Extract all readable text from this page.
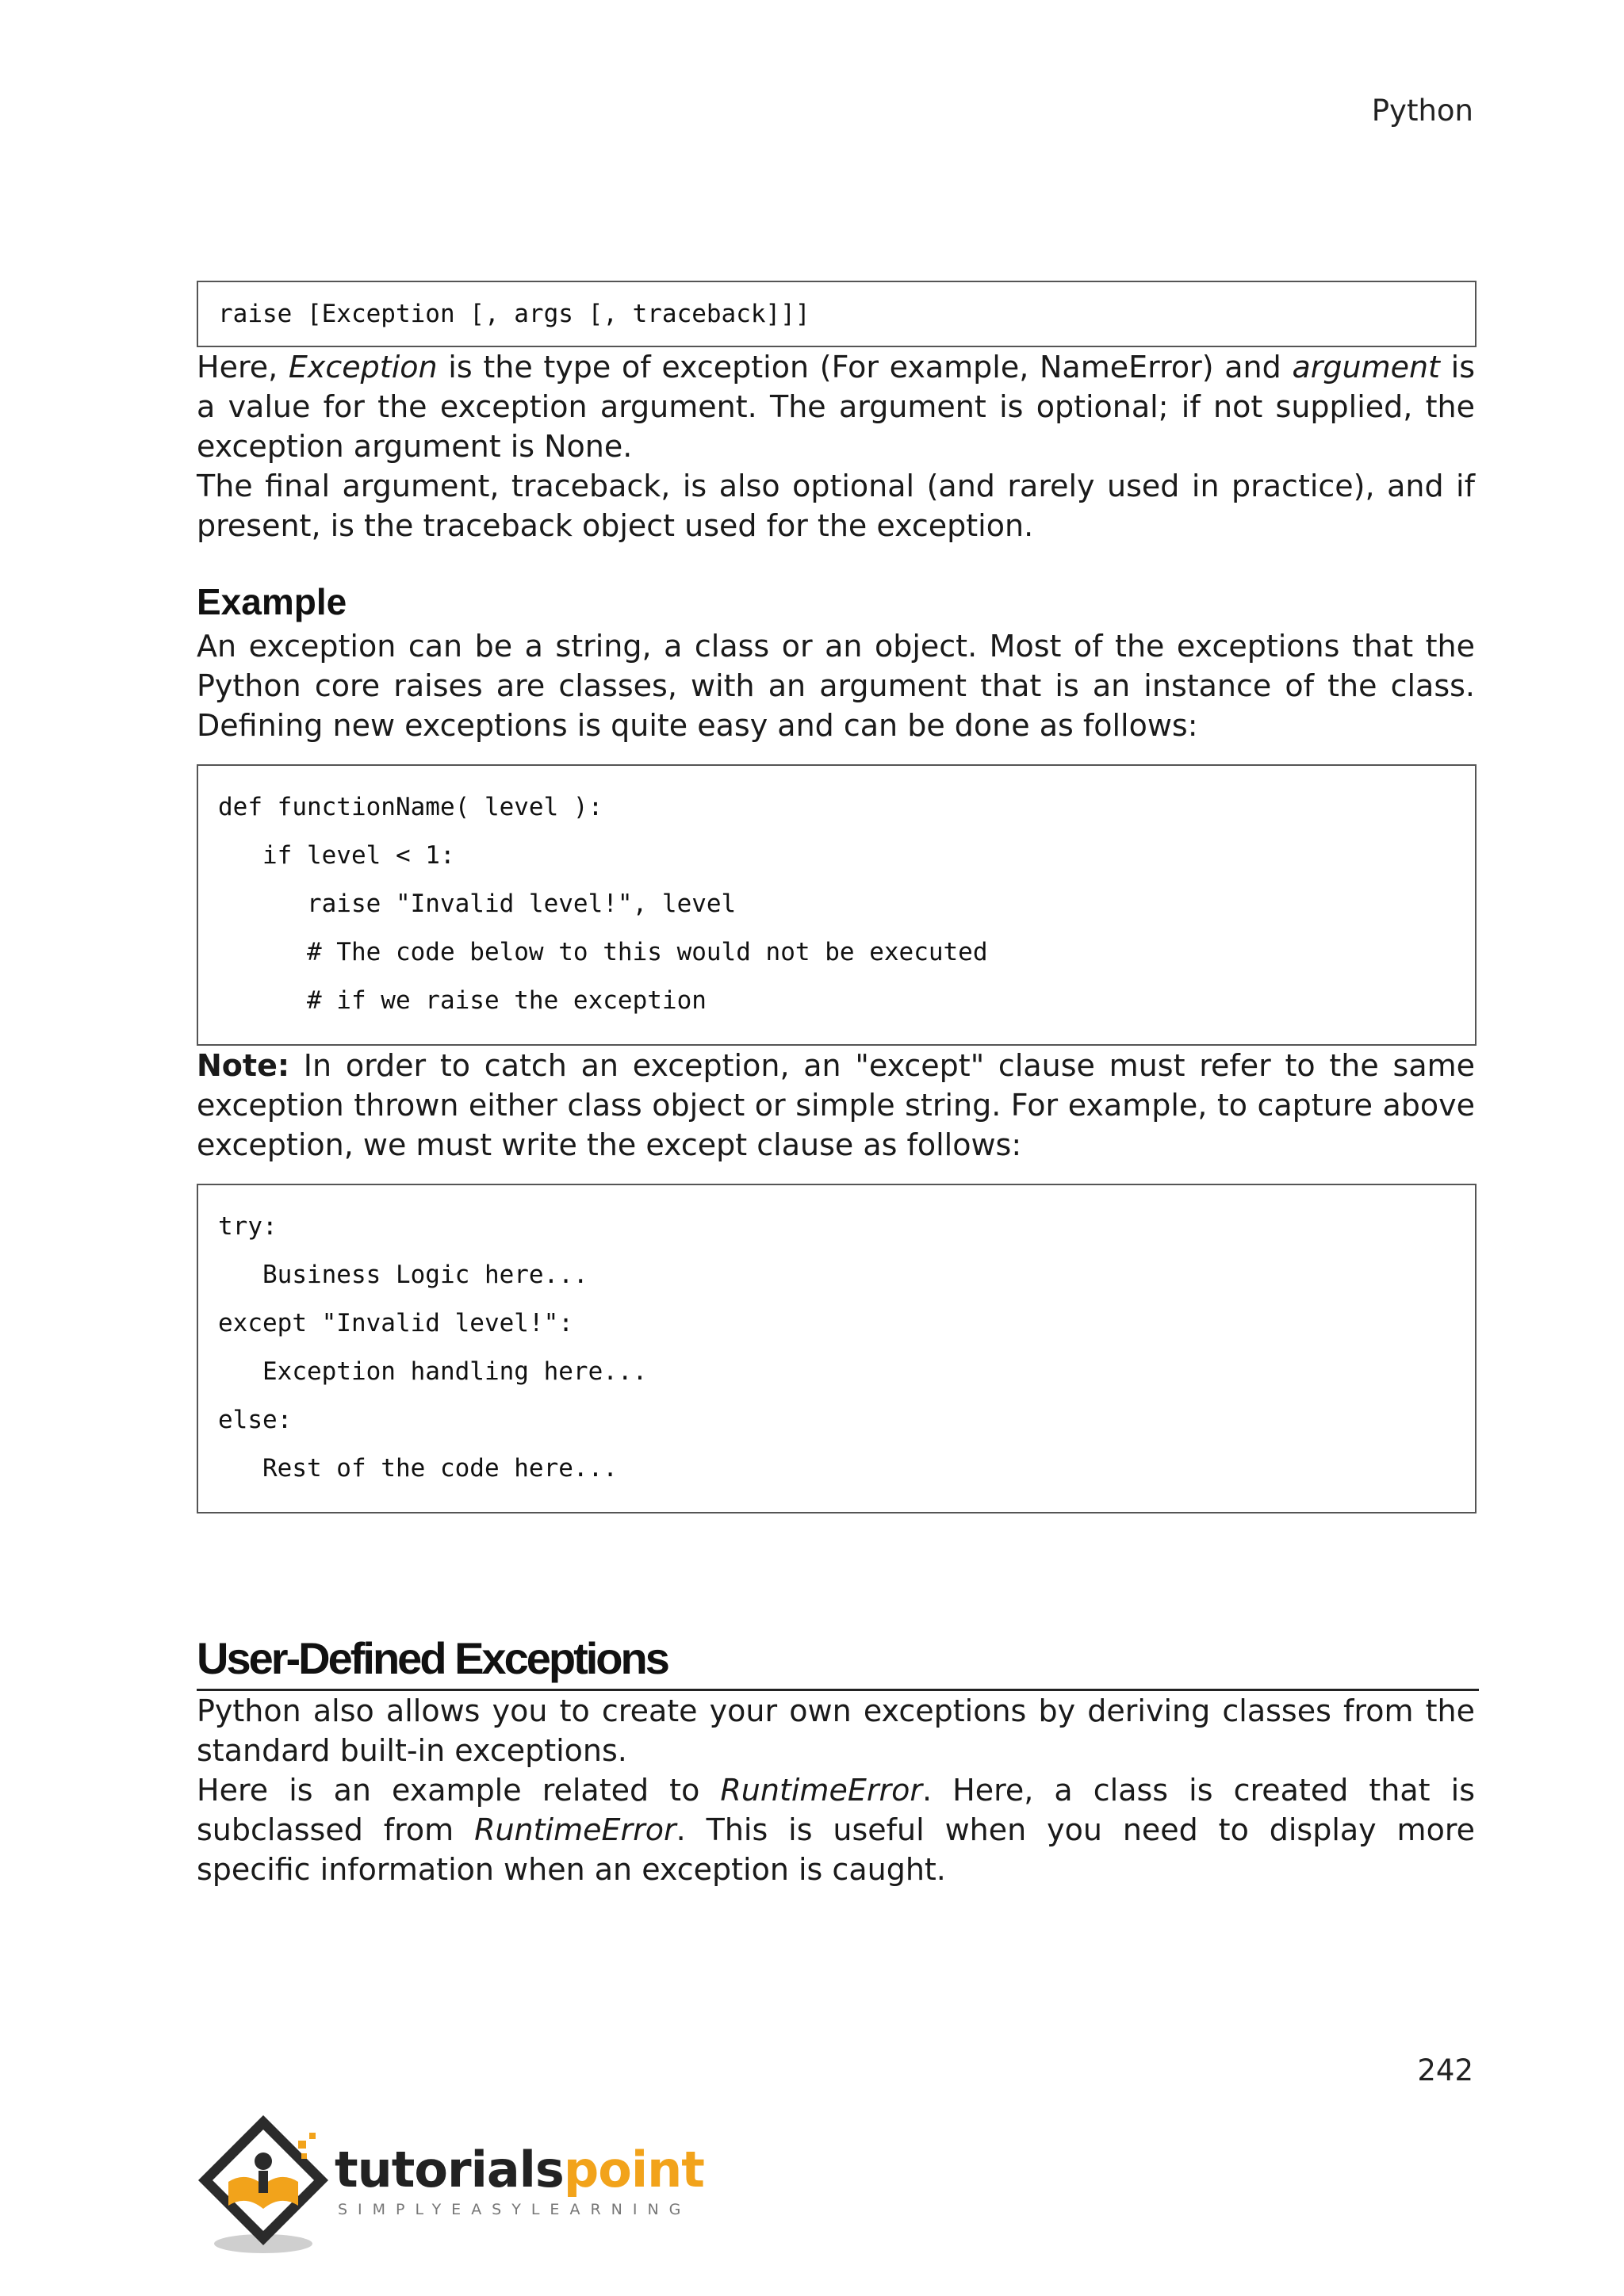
Python
raise [Exception [, args [, traceback]]]

Here, Exception is the type of exception (For example, NameError) and argument is a value for the exception argument. The argument is optional; if not supplied, the exception argument is None.

The final argument, traceback, is also optional (and rarely used in practice), and if present, is the traceback object used for the exception.

Example

An exception can be a string, a class or an object. Most of the exceptions that the Python core raises are classes, with an argument that is an instance of the class. Defining new exceptions is quite easy and can be done as follows:

def functionName( level ):
if level < 1:
raise "Invalid level!", level
# The code below to this would not be executed
# if we raise the exception

Note: In order to catch an exception, an "except" clause must refer to the same exception thrown either class object or simple string. For example, to capture above exception, we must write the except clause as follows:

try:
Business Logic here...
except "Invalid level!":
Exception handling here...
else:
Rest of the code here...
User-Defined Exceptions

Python also allows you to create your own exceptions by deriving classes from the standard built-in exceptions.

Here is an example related to RuntimeError. Here, a class is created that is subclassed from RuntimeError. This is useful when you need to display more specific information when an exception is caught.

242
tutorialspoint
SIMPLYEASYLEARNING
